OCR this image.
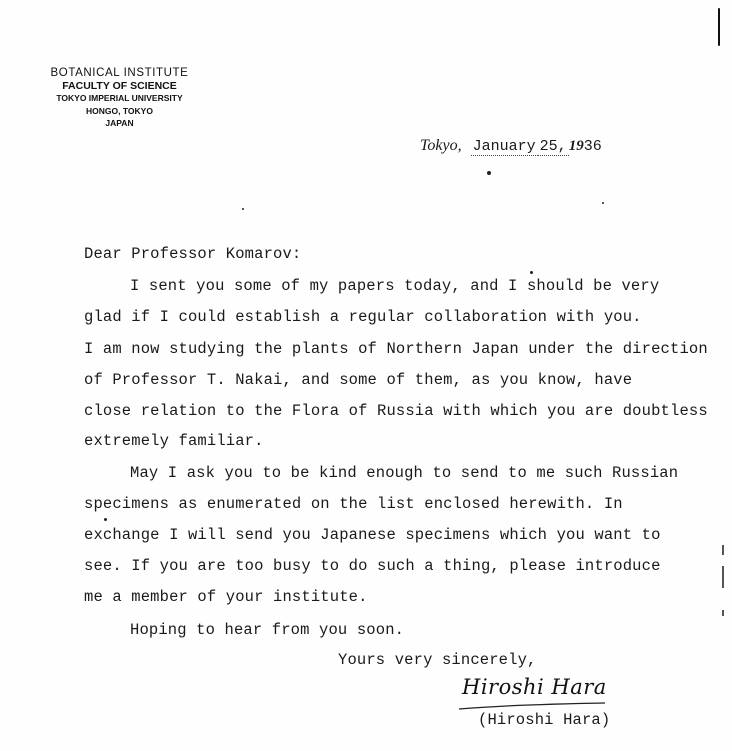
BOTANICAL INSTITUTE
FACULTY OF SCIENCE
TOKYO IMPERIAL UNIVERSITY
HONGO, TOKYO
JAPAN
Tokyo, January 25, 1936
Dear Professor Komarov:
I sent you some of my papers today, and I should be very
glad if I could establish a regular collaboration with you.
I am now studying the plants of Northern Japan under the direction
of Professor T. Nakai, and some of them, as you know, have
close relation to the Flora of Russia with which you are doubtless
extremely familiar.
May I ask you to be kind enough to send to me such Russian
specimens as enumerated on the list enclosed herewith. In
exchange I will send you Japanese specimens which you want to
see. If you are too busy to do such a thing, please introduce
me a member of your institute.
Hoping to hear from you soon.
Yours very sincerely,
(Hiroshi Hara)
Hiroshi Hara
